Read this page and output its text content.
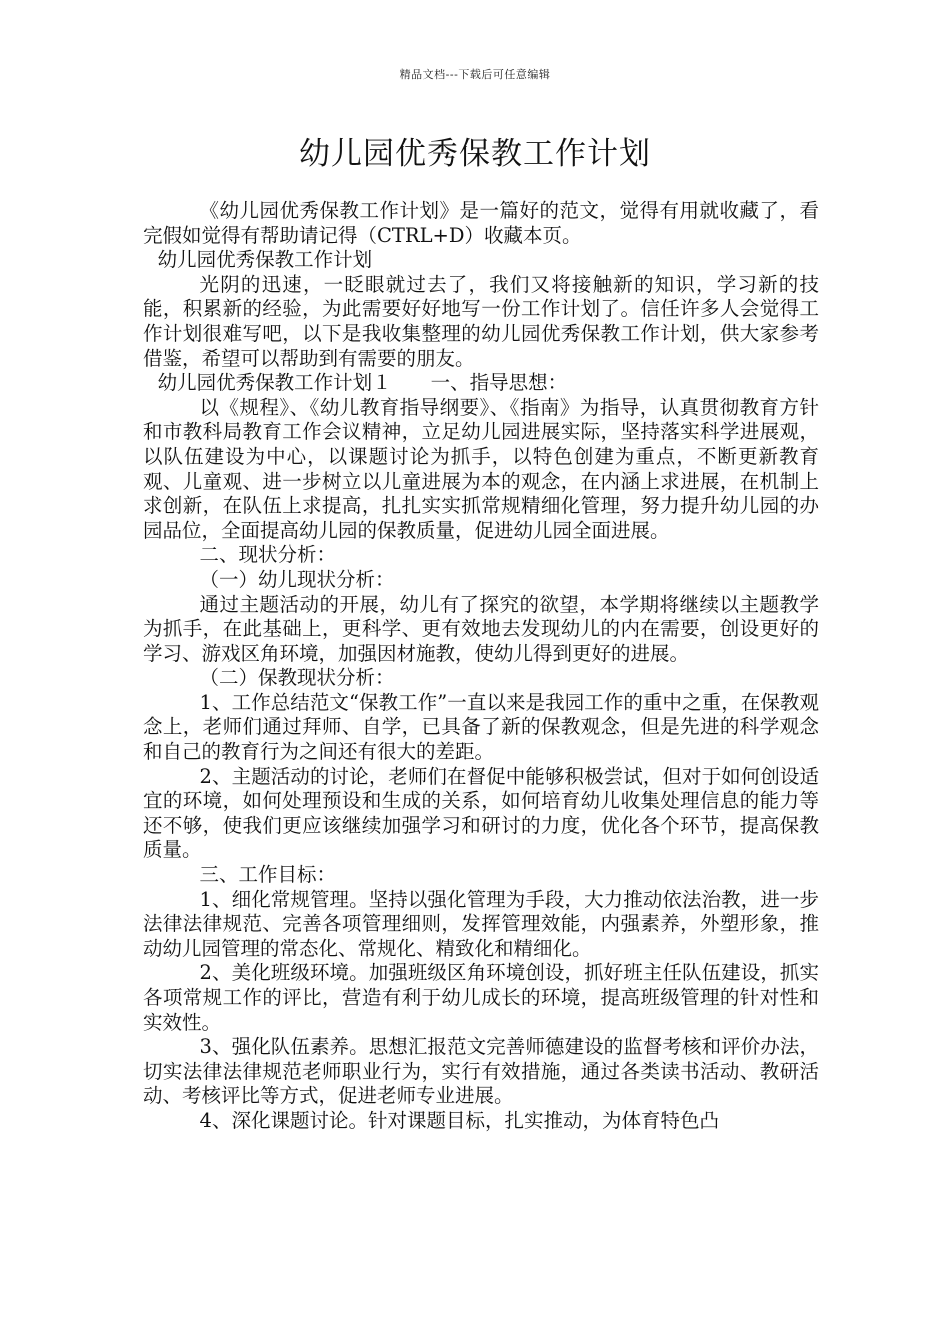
精品文档---下载后可任意编辑
幼儿园优秀保教工作计划

《幼儿园优秀保教工作计划》是一篇好的范文，觉得有用就收藏了，看完假如觉得有帮助请记得（CTRL+D）收藏本页。

幼儿园优秀保教工作计划

光阴的迅速，一眨眼就过去了，我们又将接触新的知识，学习新的技能，积累新的经验，为此需要好好地写一份工作计划了。信任许多人会觉得工作计划很难写吧，以下是我收集整理的幼儿园优秀保教工作计划，供大家参考借鉴，希望可以帮助到有需要的朋友。

幼儿园优秀保教工作计划１　　一、指导思想：

以《规程》、《幼儿教育指导纲要》、《指南》为指导，认真贯彻教育方针和市教科局教育工作会议精神，立足幼儿园进展实际，坚持落实科学进展观，以队伍建设为中心，以课题讨论为抓手，以特色创建为重点，不断更新教育观、儿童观、进一步树立以儿童进展为本的观念，在内涵上求进展，在机制上求创新，在队伍上求提高，扎扎实实抓常规精细化管理，努力提升幼儿园的办园品位，全面提高幼儿园的保教质量，促进幼儿园全面进展。

二、现状分析：

（一）幼儿现状分析：

通过主题活动的开展，幼儿有了探究的欲望，本学期将继续以主题教学为抓手，在此基础上，更科学、更有效地去发现幼儿的内在需要，创设更好的学习、游戏区角环境，加强因材施教，使幼儿得到更好的进展。

（二）保教现状分析：

1、工作总结范文“保教工作”一直以来是我园工作的重中之重，在保教观念上，老师们通过拜师、自学，已具备了新的保教观念，但是先进的科学观念和自己的教育行为之间还有很大的差距。

2、主题活动的讨论，老师们在督促中能够积极尝试，但对于如何创设适宜的环境，如何处理预设和生成的关系，如何培育幼儿收集处理信息的能力等还不够，使我们更应该继续加强学习和研讨的力度，优化各个环节，提高保教质量。

三、工作目标：

1、细化常规管理。坚持以强化管理为手段，大力推动依法治教，进一步法律法律规范、完善各项管理细则，发挥管理效能，内强素养，外塑形象，推动幼儿园管理的常态化、常规化、精致化和精细化。

2、美化班级环境。加强班级区角环境创设，抓好班主任队伍建设，抓实各项常规工作的评比，营造有利于幼儿成长的环境，提高班级管理的针对性和实效性。

3、强化队伍素养。思想汇报范文完善师德建设的监督考核和评价办法，切实法律法律规范老师职业行为，实行有效措施，通过各类读书活动、教研活动、考核评比等方式，促进老师专业进展。

4、深化课题讨论。针对课题目标，扎实推动，为体育特色凸
